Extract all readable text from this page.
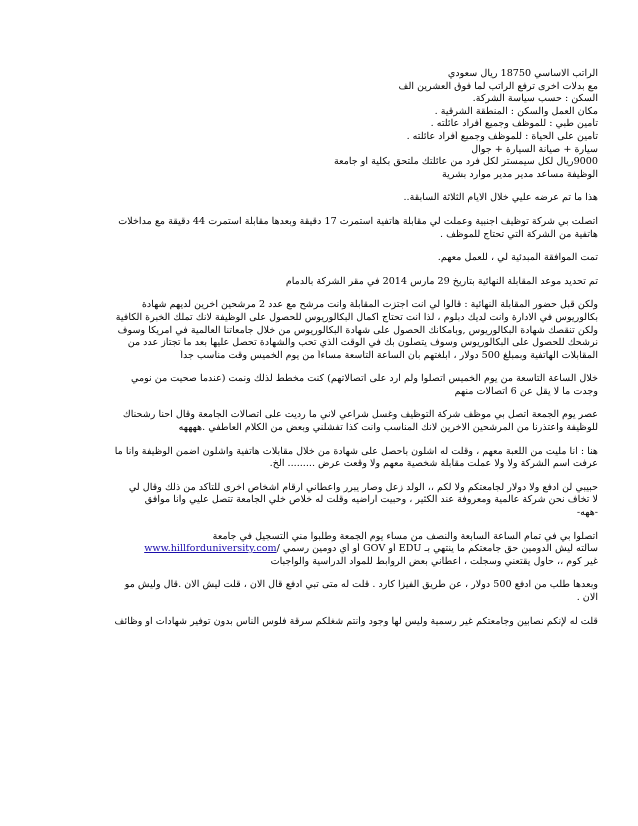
الراتب الاساسي 18750 ريال سعودي
مع بدلات اخرى ترفع الراتب لما فوق العشرين الف
السكن : حسب سياسة الشركة.
مكان العمل والسكن : المنطقة الشرقية .
تأمين طبي : للموظف وجميع أفراد عائلته .
تأمين على الحياة : للموظف وجميع أفراد عائلته .
سيارة + صيانة السيارة + جوال
9000ريال لكل سيمستر لكل فرد من عائلتك ملتحق بكلية او جامعة
الوظيفة مساعد مدير مدير موارد بشرية
هذا ما تم عرضه عليي خلال الايام الثلاثة السابقة..
اتصلت بي شركة توظيف اجنبية وعملت لي مقابلة هاتفية استمرت 17 دقيقة وبعدها مقابلة استمرت 44 دقيقة مع مداخلات
هاتفية من الشركة التي تحتاج للموظف .
تمت الموافقة المبدئية لي ، للعمل معهم.
تم تحديد موعد المقابلة النهائية بتاريخ 29 مارس 2014 في مقر الشركة بالدمام
ولكن قبل حضور المقابلة النهائية : قالوا لي انت اجتزت المقابلة وانت مرشح مع عدد 2 مرشحين اخرين لديهم شهادة
بكالوريوس في الادارة وانت لديك دبلوم ، لذا انت تحتاج اكمال البكالوريوس للحصول على الوظيفة لانك تملك الخبرة الكافية
ولكن تنقصك شهادة البكالوريوس ,وبامكانك الحصول على شهادة البكالوريوس من خلال جامعاتنا العالمية في امريكا وسوف
نرشحك للحصول على البكالوريوس وسوف يتصلون بك في الوقت الذي تحب والشهادة تحصل عليها بعد ما تجتاز عدد من
المقابلات الهاتفية وبمبلغ 500 دولار ، ابلغتهم بأن الساعة التاسعة مساءاً من يوم الخميس وقت مناسب جداً
خلال الساعة التاسعة من يوم الخميس اتصلوا ولم ارد على اتصالاتهم) كنت مخطط لذلك ونمت (عندما صحيت من نومي
وجدت ما لا يقل عن 6 اتصالات منهم
عصر يوم الجمعة اتصل بي موظف شركة التوظيف وغسل شراعي لاني ما رديت على اتصالات الجامعة وقال احنا رشحناك
للوظيفة واعتذرنا من المرشحين الاخرين لانك المناسب وانت كذا تفشلني وبعض من الكلام العاطفي .ههههه
هنا : انا مليت من اللعبة معهم ، وقلت له اشلون باحصل على شهادة من خلال مقابلات هاتفية واشلون اضمن الوظيفة وانا ما
عرفت اسم الشركة ولا ولا عملت مقابلة شخصية معهم ولا وقعت عرض ......... الخ.
حبيبي لن ادفع ولا دولار لجامعتكم ولا لكم ،، الولد زعل وصار يبرر واعطاني ارقام اشخاص اخرى للتأكد من ذلك وقال لي
لا تخاف نحن شركة عالمية ومعروفة عند الكثير ، وحبيت اراضيه وقلت له خلاص خلي الجامعة تتصل عليي وانا موافق
-ههه-
اتصلوا بي في تمام الساعة السابعة والنصف من مساء يوم الجمعة وطلبوا مني التسجيل في جامعة
سألته ليش الدومين حق جامعتكم ما ينتهي بـ EDU أو GOV أو أي دومين رسمي /www.hillforduniversity.com
غير كوم ،، حاول يقتعني وسجلت ، اعطاني بعض الروابط للمواد الدراسية والواجبات
وبعدها طلب من ادفع 500 دولار ، عن طريق الفيزا كارد . قلت له متى تبي ادفع قال الان ، قلت ليش الان .قال وليش مو
الان .
قلت له لإنكم نصابين وجامعتكم غير رسمية وليس لها وجود وأنتم شغلكم سرقة فلوس الناس بدون توفير شهادات او وظائف
